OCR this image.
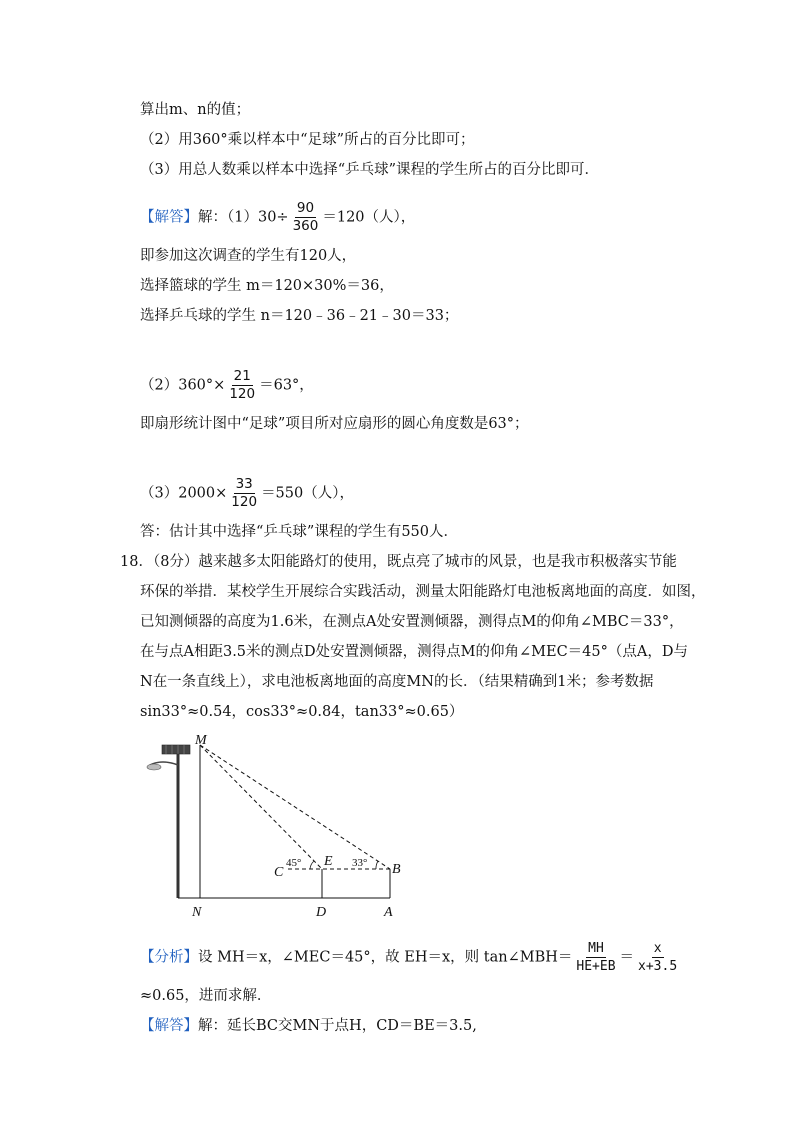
算出m、n的值；
（2）用360°乘以样本中“足球”所占的百分比即可；
（3）用总人数乘以样本中选择“乒乓球”课程的学生所占的百分比即可．
【解答】解：$(1)30\div \frac{90}{360} =120$（人），
即参加这次调查的学生有120人，
选择篮球的学生 m＝120×30%＝36，
选择乒乓球的学生 n＝120﹣36﹣21﹣30＝33；
$(2)360^\circ\times \frac{21}{120} =63^\circ$，
即扇形统计图中“足球”项目所对应扇形的圆心角度数是63°；
$(3)2000\times \frac{33}{120} =550$（人），
答：估计其中选择“乒乓球”课程的学生有550人．
18．（8分）越来越多太阳能路灯的使用，既点亮了城市的风景，也是我市积极落实节能
环保的举措．某校学生开展综合实践活动，测量太阳能路灯电池板离地面的高度．如图，
已知测倾器的高度为1.6米，在测点A处安置测倾器，测得点M的仰角∠MBC＝33°，
在与点A相距3.5米的测点D处安置测倾器，测得点M的仰角∠MEC＝45°（点A，D与
N在一条直线上），求电池板离地面的高度MN的长．（结果精确到1米；参考数据
sin33°≈0.54，cos33°≈0.84，tan33°≈0.65）
M
N
C
E
B
D	A
45°	33°
【分析】设 MH＝x，∠MEC＝45°，故 EH＝x，则 tan∠MBH＝ $\frac{MH}{HE+EB} = \frac{x}{x+3.5}$
≈0.65，进而求解．
【解答】解：延长BC交MN于点H，CD＝BE＝3.5,
